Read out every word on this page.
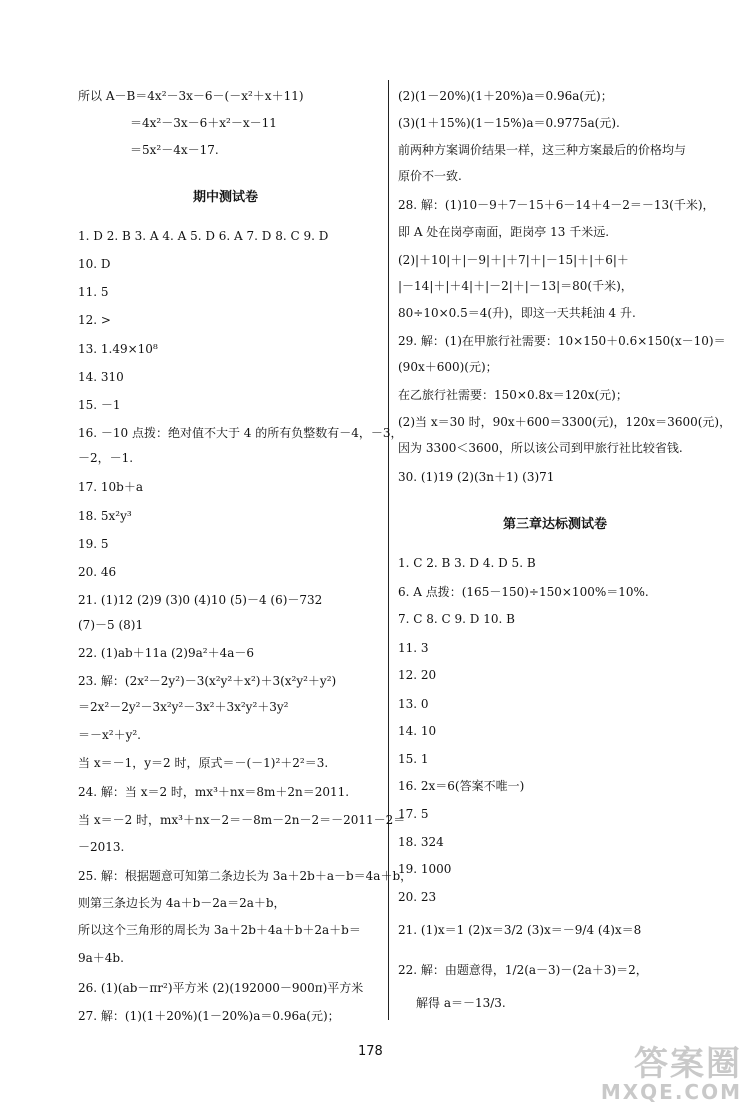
所以 A－B＝4x²－3x－6－(－x²＋x＋11)
＝4x²－3x－6＋x²－x－11
＝5x²－4x－17.
期中测试卷
1. D 2. B 3. A 4. A 5. D 6. A 7. D 8. C 9. D
10. D
11. 5
12. >
13. 1.49×10⁸
14. 310
15. －1
16. －10 点拨：绝对值不大于 4 的所有负整数有－4，－3，
－2，－1.
17. 10b＋a
18. 5x²y³
19. 5
20. 46
21. (1)12 (2)9 (3)0 (4)10 (5)－4 (6)－732
(7)－5 (8)1
22. (1)ab＋11a (2)9a²＋4a－6
23. 解：(2x²－2y²)－3(x²y²＋x²)＋3(x²y²＋y²)
＝2x²－2y²－3x²y²－3x²＋3x²y²＋3y²
＝－x²＋y².
当 x＝－1，y＝2 时，原式＝－(－1)²＋2²＝3.
24. 解：当 x＝2 时，mx³＋nx＝8m＋2n＝2011.
当 x＝－2 时，mx³＋nx－2＝－8m－2n－2＝－2011－2＝
－2013.
25. 解：根据题意可知第二条边长为 3a＋2b＋a－b＝4a＋b，
则第三条边长为 4a＋b－2a＝2a＋b，
所以这个三角形的周长为 3a＋2b＋4a＋b＋2a＋b＝
9a＋4b.
26. (1)(ab－πr²)平方米 (2)(192000－900π)平方米
27. 解：(1)(1＋20%)(1－20%)a＝0.96a(元)；
(2)(1－20%)(1＋20%)a＝0.96a(元)；
(3)(1＋15%)(1－15%)a＝0.9775a(元).
前两种方案调价结果一样，这三种方案最后的价格均与
原价不一致.
28. 解：(1)10－9＋7－15＋6－14＋4－2＝－13(千米)，
即 A 处在岗亭南面，距岗亭 13 千米远.
(2)|＋10|＋|－9|＋|＋7|＋|－15|＋|＋6|＋
|－14|＋|＋4|＋|－2|＋|－13|＝80(千米)，
80÷10×0.5＝4(升)，即这一天共耗油 4 升.
29. 解：(1)在甲旅行社需要：10×150＋0.6×150(x－10)＝
(90x＋600)(元)；
在乙旅行社需要：150×0.8x＝120x(元)；
(2)当 x＝30 时，90x＋600＝3300(元)，120x＝3600(元)，
因为 3300＜3600，所以该公司到甲旅行社比较省钱.
30. (1)19 (2)(3n＋1) (3)71
第三章达标测试卷
1. C 2. B 3. D 4. D 5. B
6. A 点拨：(165－150)÷150×100%＝10%.
7. C 8. C 9. D 10. B
11. 3
12. 20
13. 0
14. 10
15. 1
16. 2x＝6(答案不唯一)
17. 5
18. 324
19. 1000
20. 23
21. (1)x＝1 (2)x＝3/2 (3)x＝－9/4 (4)x＝8
22. 解：由题意得，1/2(a－3)－(2a＋3)＝2，
解得 a＝－13/3.
178	答案圈
MXQE.COM
